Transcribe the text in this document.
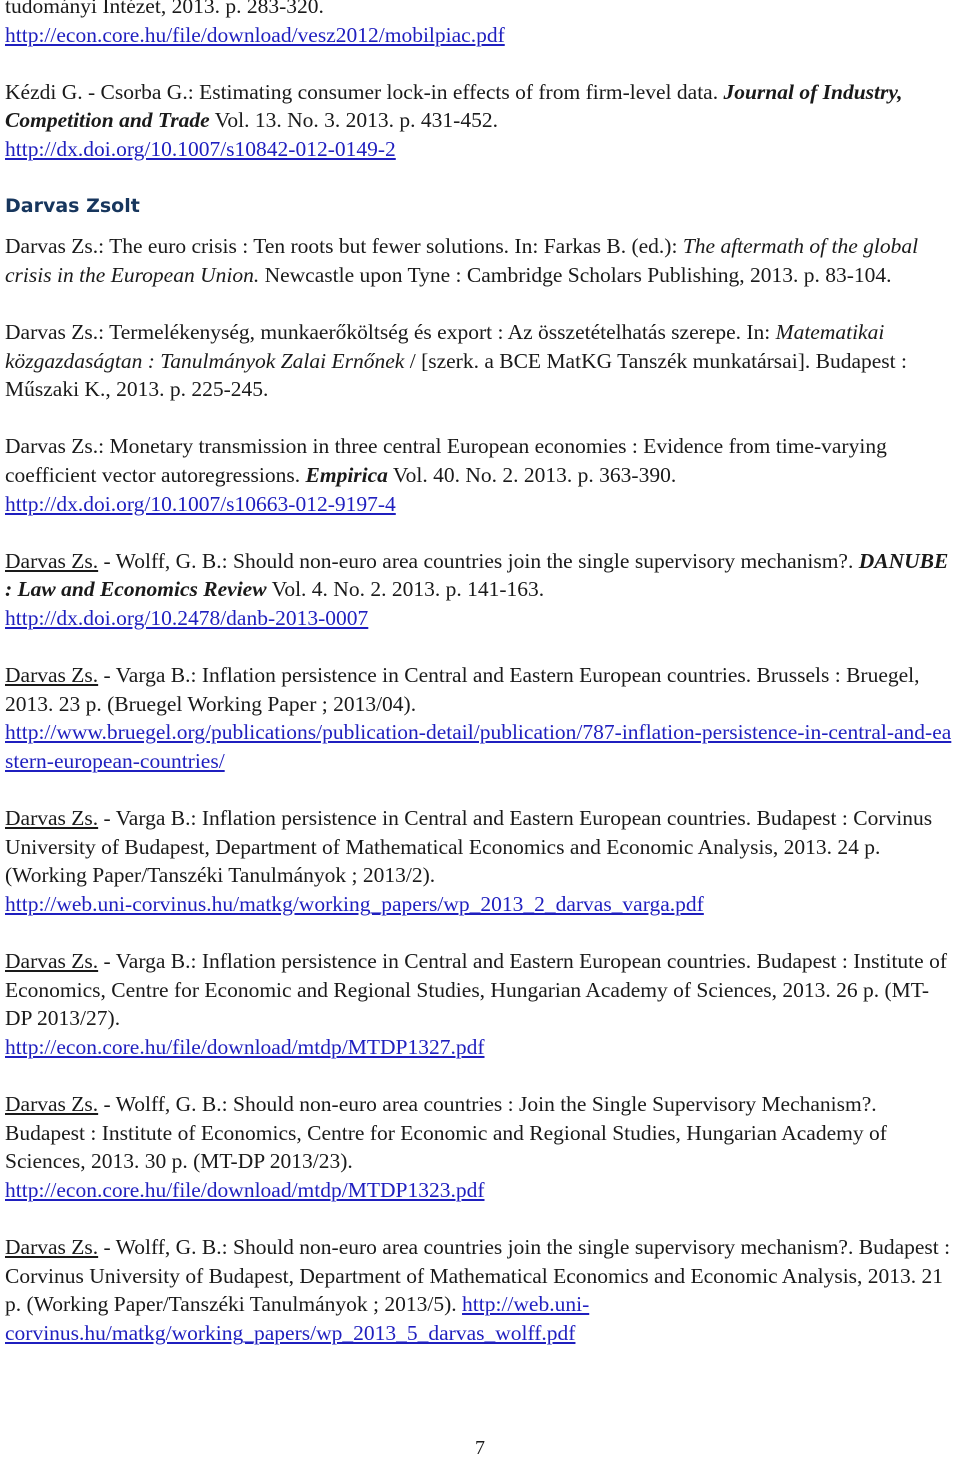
tudományi Intézet, 2013. p. 283-320.

http://econ.core.hu/file/download/vesz2012/mobilpiac.pdf

Kézdi G. - Csorba G.: Estimating consumer lock-in effects of from firm-level data. Journal of Industry, Competition and Trade Vol. 13. No. 3. 2013. p. 431-452.

http://dx.doi.org/10.1007/s10842-012-0149-2

Darvas Zsolt

Darvas Zs.: The euro crisis : Ten roots but fewer solutions. In: Farkas B. (ed.): The aftermath of the global crisis in the European Union. Newcastle upon Tyne : Cambridge Scholars Publishing, 2013. p. 83-104.

Darvas Zs.: Termelékenység, munkaerőköltség és export : Az összetételhatás szerepe. In: Matematikai közgazdaságtan : Tanulmányok Zalai Ernőnek / [szerk. a BCE MatKG Tanszék munkatársai]. Budapest : Műszaki K., 2013. p. 225-245.

Darvas Zs.: Monetary transmission in three central European economies : Evidence from time-varying coefficient vector autoregressions. Empirica Vol. 40. No. 2. 2013. p. 363-390.

http://dx.doi.org/10.1007/s10663-012-9197-4

Darvas Zs. - Wolff, G. B.: Should non-euro area countries join the single supervisory mechanism?. DANUBE : Law and Economics Review Vol. 4. No. 2. 2013. p. 141-163.

http://dx.doi.org/10.2478/danb-2013-0007

Darvas Zs. - Varga B.: Inflation persistence in Central and Eastern European countries. Brussels : Bruegel, 2013. 23 p. (Bruegel Working Paper ; 2013/04).

http://www.bruegel.org/publications/publication-detail/publication/787-inflation-persistence-in-central-and-eastern-european-countries/

Darvas Zs. - Varga B.: Inflation persistence in Central and Eastern European countries. Budapest : Corvinus University of Budapest, Department of Mathematical Economics and Economic Analysis, 2013. 24 p. (Working Paper/Tanszéki Tanulmányok ; 2013/2).

http://web.uni-corvinus.hu/matkg/working_papers/wp_2013_2_darvas_varga.pdf

Darvas Zs. - Varga B.: Inflation persistence in Central and Eastern European countries. Budapest : Institute of Economics, Centre for Economic and Regional Studies, Hungarian Academy of Sciences, 2013. 26 p. (MT-DP 2013/27).

http://econ.core.hu/file/download/mtdp/MTDP1327.pdf

Darvas Zs. - Wolff, G. B.: Should non-euro area countries : Join the Single Supervisory Mechanism?. Budapest : Institute of Economics, Centre for Economic and Regional Studies, Hungarian Academy of Sciences, 2013. 30 p. (MT-DP 2013/23).

http://econ.core.hu/file/download/mtdp/MTDP1323.pdf

Darvas Zs. - Wolff, G. B.: Should non-euro area countries join the single supervisory mechanism?. Budapest : Corvinus University of Budapest, Department of Mathematical Economics and Economic Analysis, 2013. 21 p. (Working Paper/Tanszéki Tanulmányok ; 2013/5). http://web.uni-corvinus.hu/matkg/working_papers/wp_2013_5_darvas_wolff.pdf

7
